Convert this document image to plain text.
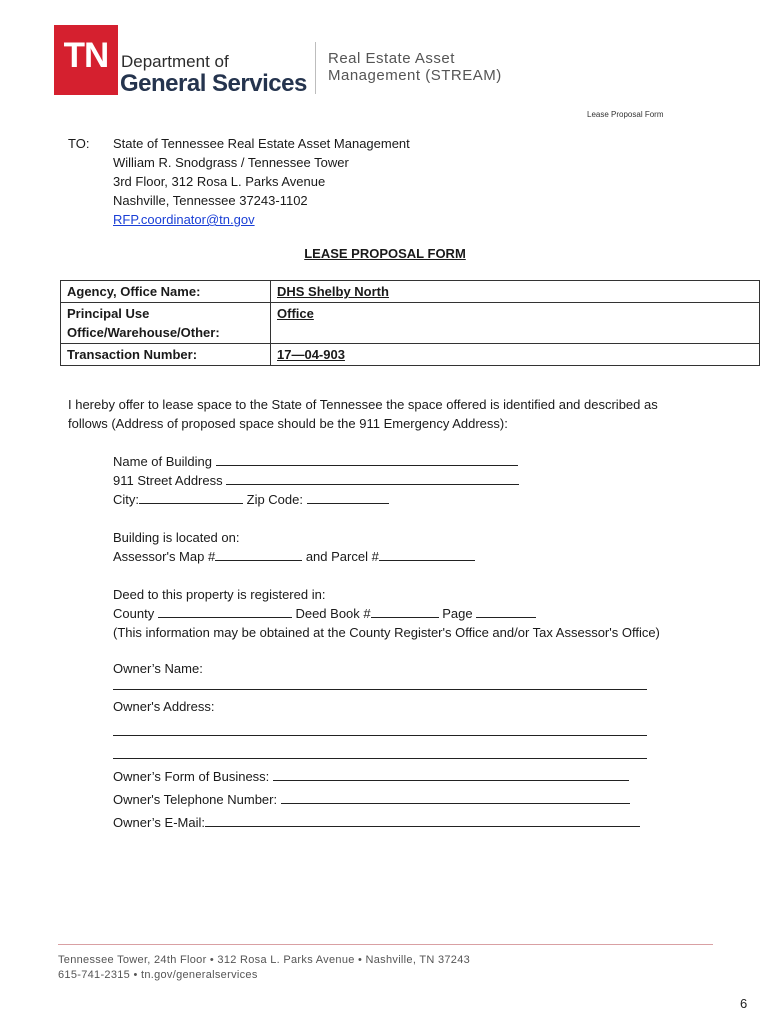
TN Department of
General Services
Real Estate Asset
Management (STREAM)
Lease Proposal Form
TO: State of Tennessee Real Estate Asset Management
William R. Snodgrass / Tennessee Tower
3rd Floor, 312 Rosa L. Parks Avenue
Nashville, Tennessee 37243-1102
RFP.coordinator@tn.gov
LEASE PROPOSAL FORM
Agency, Office Name:	DHS Shelby North
Principal Use
Office/Warehouse/Other:	Office
Transaction Number:	17—04-903
I hereby offer to lease space to the State of Tennessee the space offered is identified and described as
follows (Address of proposed space should be the 911 Emergency Address):
Name of Building
911 Street Address
City:	Zip Code:
Building is located on:
Assessor's Map #	and Parcel #
Deed to this property is registered in:
County	Deed Book #	Page
(This information may be obtained at the County Register's Office and/or Tax Assessor's Office)
Owner’s Name:
Owner's Address:
Owner’s Form of Business:
Owner's Telephone Number:
Owner’s E-Mail:
Tennessee Tower, 24th Floor • 312 Rosa L. Parks Avenue • Nashville, TN 37243
615-741-2315 • tn.gov/generalservices
6
